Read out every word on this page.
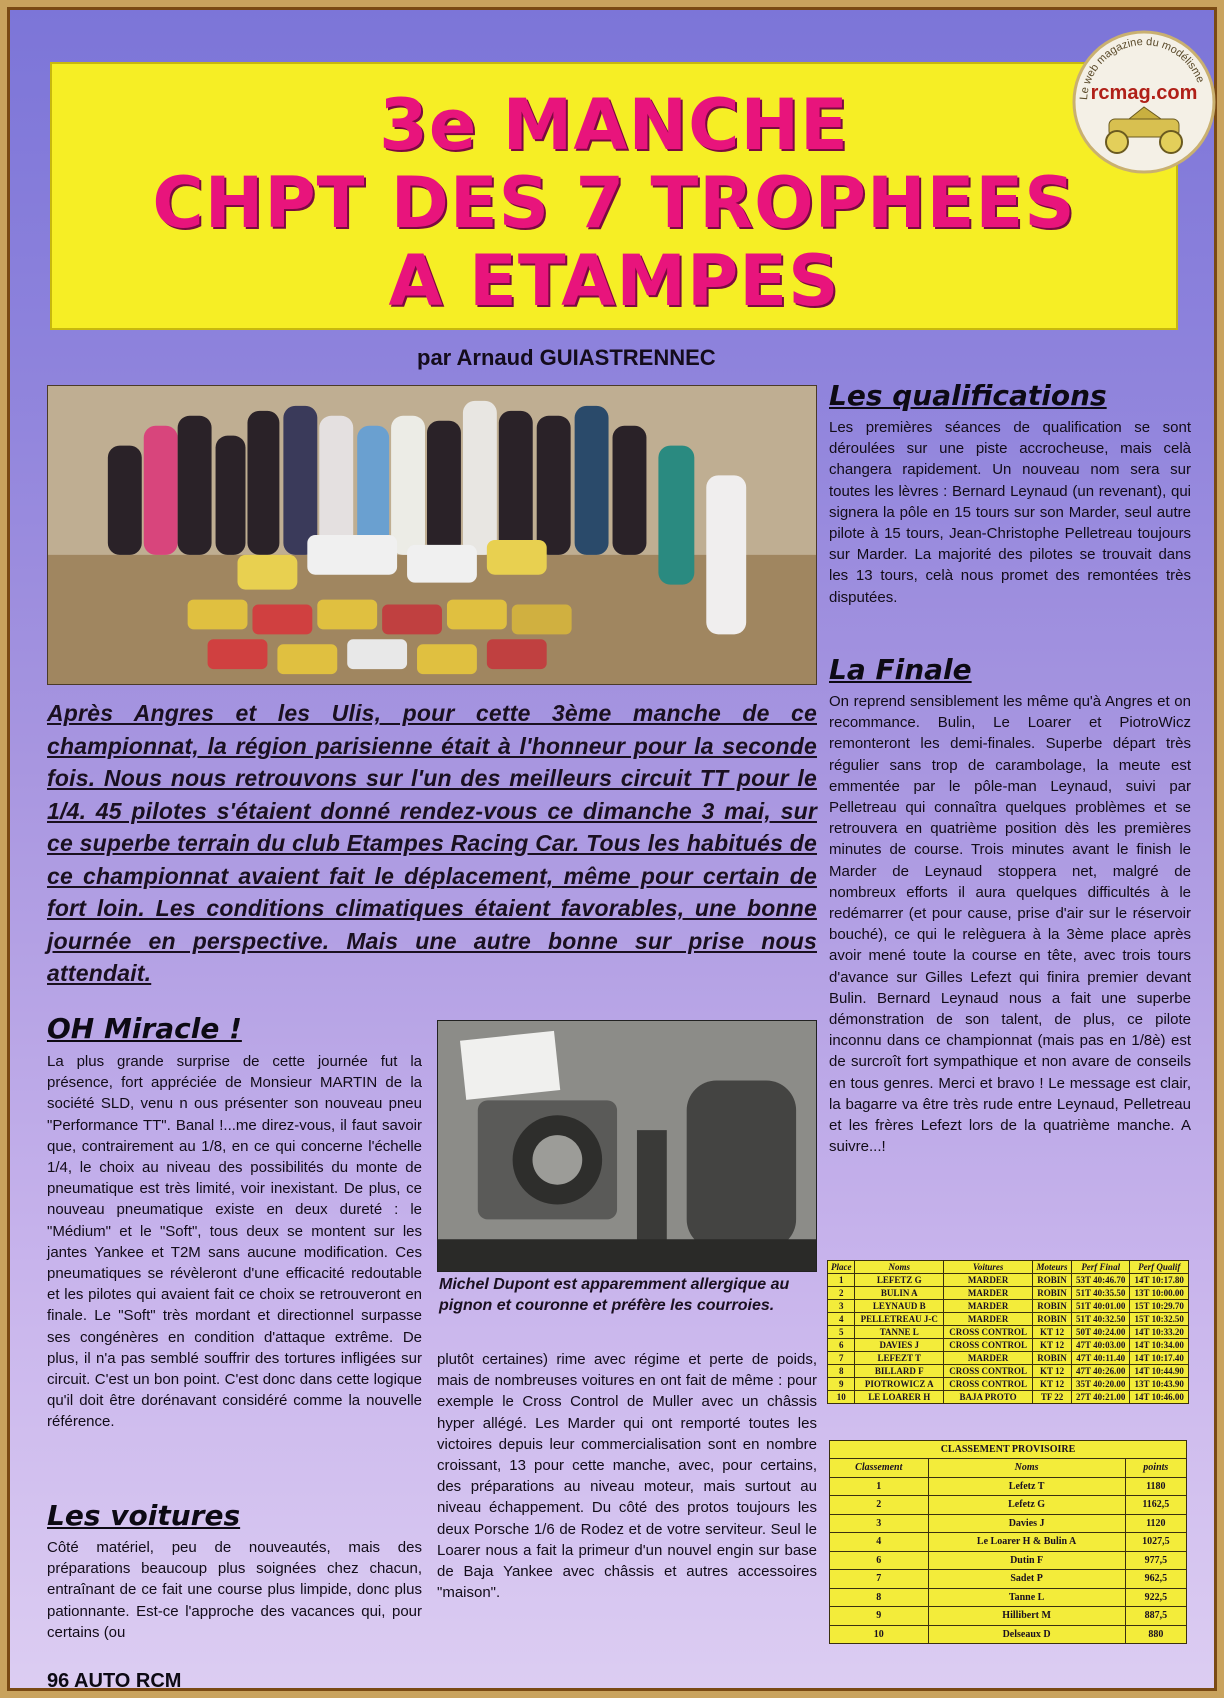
3e MANCHE
CHPT DES 7 TROPHEES
A ETAMPES
Le web magazine du modélisme
rcmag.com
par Arnaud GUIASTRENNEC
Après Angres et les Ulis, pour cette 3ème manche de ce championnat, la région parisienne était à l'honneur pour la seconde fois. Nous nous retrouvons sur l'un des meilleurs circuit TT pour le 1/4. 45 pilotes s'étaient donné rendez-vous ce dimanche 3 mai, sur ce superbe terrain du club Etampes Racing Car. Tous les habitués de ce championnat avaient fait le déplacement, même pour certain de fort loin. Les conditions climatiques étaient favorables, une bonne journée en perspective. Mais une autre bonne sur prise nous attendait.
Les qualifications
Les premières séances de qualification se sont déroulées sur une piste accrocheuse, mais celà changera rapidement. Un nouveau nom sera sur toutes les lèvres : Bernard Leynaud (un revenant), qui signera la pôle en 15 tours sur son Marder, seul autre pilote à 15 tours, Jean-Christophe Pelletreau toujours sur Marder. La majorité des pilotes se trouvait dans les 13 tours, celà nous promet des remontées très disputées.
La Finale
On reprend sensiblement les même qu'à Angres et on recommance. Bulin, Le Loarer et PiotroWicz remonteront les demi-finales. Superbe départ très régulier sans trop de carambolage, la meute est emmentée par le pôle-man Leynaud, suivi par Pelletreau qui connaîtra quelques problèmes et se retrouvera en quatrième position dès les premières minutes de course. Trois minutes avant le finish le Marder de Leynaud stoppera net, malgré de nombreux efforts il aura quelques difficultés à le redémarrer (et pour cause, prise d'air sur le réservoir bouché), ce qui le relèguera à la 3ème place après avoir mené toute la course en tête, avec trois tours d'avance sur Gilles Lefezt qui finira premier devant Bulin. Bernard Leynaud nous a fait une superbe démonstration de son talent, de plus, ce pilote inconnu dans ce championnat (mais pas en 1/8è) est de surcroît fort sympathique et non avare de conseils en tous genres. Merci et bravo ! Le message est clair, la bagarre va être très rude entre Leynaud, Pelletreau et les frères Lefezt lors de la quatrième manche. A suivre...!
OH Miracle !
La plus grande surprise de cette journée fut la présence, fort appréciée de Monsieur MARTIN de la société SLD, venu n ous présenter son nouveau pneu "Performance TT". Banal !...me direz-vous, il faut savoir que, contrairement au 1/8, en ce qui concerne l'échelle 1/4, le choix au niveau des possibilités du monte de pneumatique est très limité, voir inexistant. De plus, ce nouveau pneumatique existe en deux dureté : le "Médium" et le "Soft", tous deux se montent sur les jantes Yankee et T2M sans aucune modification. Ces pneumatiques se révèleront d'une efficacité redoutable et les pilotes qui avaient fait ce choix se retrouveront en finale. Le "Soft" très mordant et directionnel surpasse ses congénères en condition d'attaque extrême. De plus, il n'a pas semblé souffrir des tortures infligées sur circuit. C'est un bon point. C'est donc dans cette logique qu'il doit être dorénavant considéré comme la nouvelle référence.
Les voitures
Côté matériel, peu de nouveautés, mais des préparations beaucoup plus soignées chez chacun, entraînant de ce fait une course plus limpide, donc plus pationnante. Est-ce l'approche des vacances qui, pour certains (ou
Michel Dupont est apparemment allergique au pignon et couronne et préfère les courroies.
plutôt certaines) rime avec régime et perte de poids, mais de nombreuses voitures en ont fait de même : pour exemple le Cross Control de Muller avec un châssis hyper allégé. Les Marder qui ont remporté toutes les victoires depuis leur commercialisation sont en nombre croissant, 13 pour cette manche, avec, pour certains, des préparations au niveau moteur, mais surtout au niveau échappement. Du côté des protos toujours les deux Porsche 1/6 de Rodez et de votre serviteur. Seul le Loarer nous a fait la primeur d'un nouvel engin sur base de Baja Yankee avec châssis et autres accessoires "maison".
Place	Noms	Voitures	Moteurs	Perf Final	Perf Qualif
1	LEFETZ G	MARDER	ROBIN	53T 40:46.70	14T 10:17.80
2	BULIN A	MARDER	ROBIN	51T 40:35.50	13T 10:00.00
3	LEYNAUD B	MARDER	ROBIN	51T 40:01.00	15T 10:29.70
4	PELLETREAU J-C	MARDER	ROBIN	51T 40:32.50	15T 10:32.50
5	TANNE L	CROSS CONTROL	KT 12	50T 40:24.00	14T 10:33.20
6	DAVIES J	CROSS CONTROL	KT 12	47T 40:03.00	14T 10:34.00
7	LEFEZT T	MARDER	ROBIN	47T 40:11.40	14T 10:17.40
8	BILLARD F	CROSS CONTROL	KT 12	47T 40:26.00	14T 10:44.90
9	PIOTROWICZ A	CROSS CONTROL	KT 12	35T 40:20.00	13T 10:43.90
10	LE LOARER H	BAJA PROTO	TF 22	27T 40:21.00	14T 10:46.00
CLASSEMENT PROVISOIRE		
Classement	Noms	points
1	Lefetz T	1180
2	Lefetz G	1162,5
3	Davies J	1120
4	Le Loarer H & Bulin A	1027,5
6	Dutin F	977,5
7	Sadet P	962,5
8	Tanne L	922,5
9	Hillibert M	887,5
10	Delseaux D	880
96 AUTO RCM
